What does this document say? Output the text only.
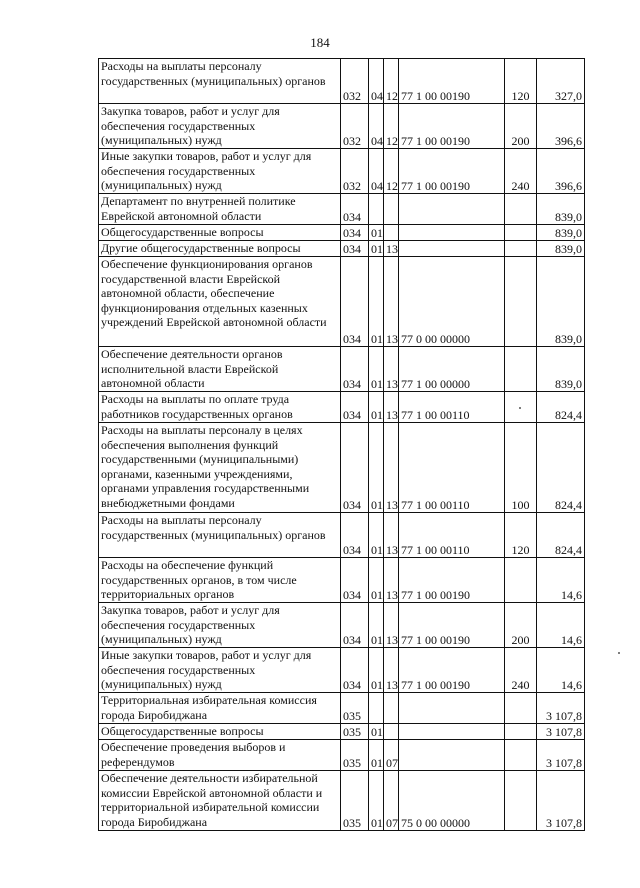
184
Расходы на выплаты персоналу государственных (муниципальных) органов	032	04	12	77 1 00 00190	120	327,0
Закупка товаров, работ и услуг для обеспечения государственных (муниципальных) нужд	032	04	12	77 1 00 00190	200	396,6
Иные закупки товаров, работ и услуг для обеспечения государственных (муниципальных) нужд	032	04	12	77 1 00 00190	240	396,6
Департамент по внутренней политике Еврейской автономной области	034					839,0
Общегосударственные вопросы	034	01				839,0
Другие общегосударственные вопросы	034	01	13			839,0
Обеспечение функционирования органов государственной власти Еврейской автономной области, обеспечение функционирования отдельных казенных учреждений Еврейской автономной области	034	01	13	77 0 00 00000		839,0
Обеспечение деятельности органов исполнительной власти Еврейской автономной области	034	01	13	77 1 00 00000		839,0
Расходы на выплаты по оплате труда работников государственных органов	034	01	13	77 1 00 00110		824,4
Расходы на выплаты персоналу в целях обеспечения выполнения функций государственными (муниципальными) органами, казенными учреждениями, органами управления государственными внебюджетными фондами	034	01	13	77 1 00 00110	100	824,4
Расходы на выплаты персоналу государственных (муниципальных) органов	034	01	13	77 1 00 00110	120	824,4
Расходы на обеспечение функций государственных органов, в том числе территориальных органов	034	01	13	77 1 00 00190		14,6
Закупка товаров, работ и услуг для обеспечения государственных (муниципальных) нужд	034	01	13	77 1 00 00190	200	14,6
Иные закупки товаров, работ и услуг для обеспечения государственных (муниципальных) нужд	034	01	13	77 1 00 00190	240	14,6
Территориальная избирательная комиссия города Биробиджана	035					3 107,8
Общегосударственные вопросы	035	01				3 107,8
Обеспечение проведения выборов и референдумов	035	01	07			3 107,8
Обеспечение деятельности избирательной комиссии Еврейской автономной области и территориальной избирательной комиссии города Биробиджана	035	01	07	75 0 00 00000		3 107,8
